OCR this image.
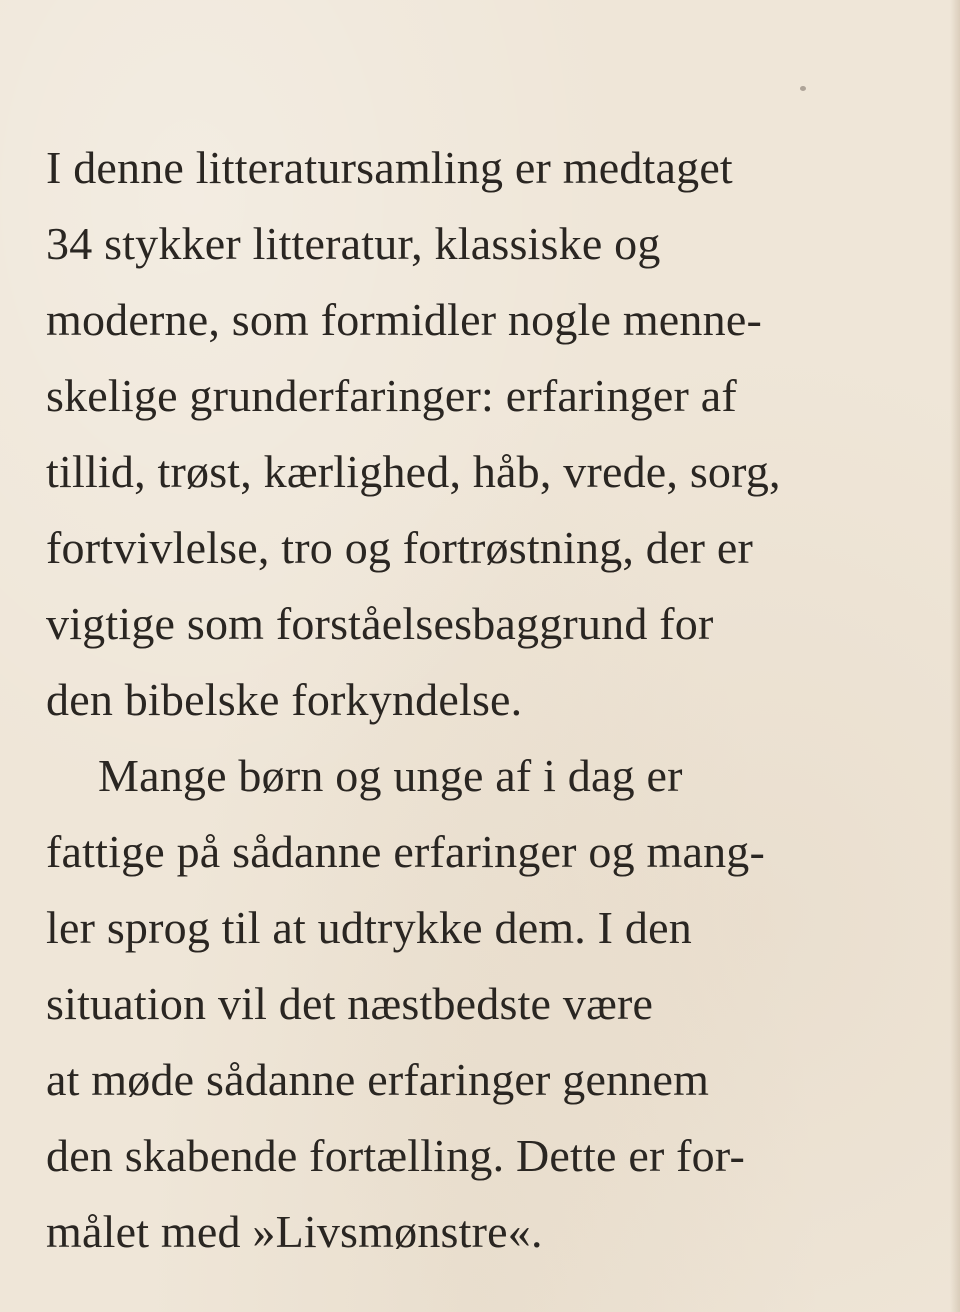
I denne litteratursamling er medtaget
34 stykker litteratur, klassiske og
moderne, som formidler nogle menne-
skelige grunderfaringer: erfaringer af
tillid, trøst, kærlighed, håb, vrede, sorg,
fortvivlelse, tro og fortrøstning, der er
vigtige som forståelsesbaggrund for
den bibelske forkyndelse.
Mange børn og unge af i dag er
fattige på sådanne erfaringer og mang-
ler sprog til at udtrykke dem. I den
situation vil det næstbedste være
at møde sådanne erfaringer gennem
den skabende fortælling. Dette er for-
målet med »Livsmønstre«.
